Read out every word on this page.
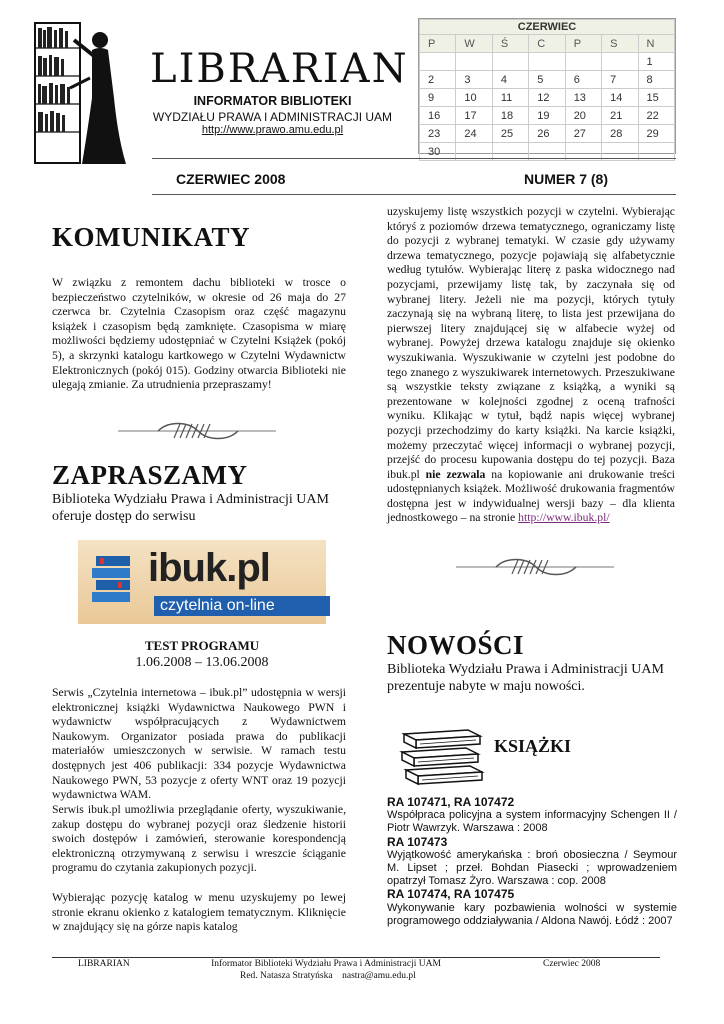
LIBRARIAN
INFORMATOR BIBLIOTEKI
WYDZIAŁU PRAWA I ADMINISTRACJI UAM
http://www.prawo.amu.edu.pl
CZERWIEC						
P	W	Ś	C	P	S	N
						1
2	3	4	5	6	7	8
9	10	11	12	13	14	15
16	17	18	19	20	21	22
23	24	25	26	27	28	29
30						
CZERWIEC 2008	NUMER 7 (8)
KOMUNIKATY
W związku z remontem dachu biblioteki w trosce o bezpieczeństwo czytelników, w okresie od 26 maja do 27 czerwca br. Czytelnia Czasopism oraz część magazynu książek i czasopism będą zamknięte. Czasopisma w miarę możliwości będziemy udostępniać w Czytelni Książek (pokój 5), a skrzynki katalogu kartkowego w Czytelni Wydawnictw Elektronicznych (pokój 015). Godziny otwarcia Biblioteki nie ulegają zmianie. Za utrudnienia przepraszamy!
ZAPRASZAMY
Biblioteka Wydziału Prawa i Administracji UAM oferuje dostęp do serwisu
ibuk.pl
czytelnia on-line
TEST PROGRAMU
1.06.2008 – 13.06.2008
Serwis „Czytelnia internetowa – ibuk.pl” udostępnia w wersji elektronicznej książki Wydawnictwa Naukowego PWN i wydawnictw współpracujących z Wydawnictwem Naukowym. Organizator posiada prawa do publikacji materiałów umieszczonych w serwisie. W ramach testu dostępnych jest 406 publikacji: 334 pozycje Wydawnictwa Naukowego PWN, 53 pozycje z oferty WNT oraz 19 pozycji wydawnictwa WAM.
Serwis ibuk.pl umożliwia przeglądanie oferty, wyszukiwanie, zakup dostępu do wybranej pozycji oraz śledzenie historii swoich dostępów i zamówień, sterowanie korespondencją elektroniczną otrzymywaną z serwisu i wreszcie ściąganie programu do czytania zakupionych pozycji.
Wybierając pozycję katalog w menu uzyskujemy po lewej stronie ekranu okienko z katalogiem tematycznym. Kliknięcie w znajdujący się na górze napis katalog
uzyskujemy listę wszystkich pozycji w czytelni. Wybierając któryś z poziomów drzewa tematycznego, ograniczamy listę do pozycji z wybranej tematyki. W czasie gdy używamy drzewa tematycznego, pozycje pojawiają się alfabetycznie według tytułów. Wybierając literę z paska widocznego nad pozycjami, przewijamy listę tak, by zaczynała się od wybranej litery. Jeżeli nie ma pozycji, których tytuły zaczynają się na wybraną literę, to lista jest przewijana do pierwszej litery znajdującej się w alfabecie wyżej od wybranej. Powyżej drzewa katalogu znajduje się okienko wyszukiwania. Wyszukiwanie w czytelni jest podobne do tego znanego z wyszukiwarek internetowych. Przeszukiwane są wszystkie teksty związane z książką, a wyniki są prezentowane w kolejności zgodnej z oceną trafności wyniku. Klikając w tytuł, bądź napis więcej wybranej pozycji przechodzimy do karty książki. Na karcie książki, możemy przeczytać więcej informacji o wybranej pozycji, przejść do procesu kupowania dostępu do tej pozycji. Baza ibuk.pl nie zezwala na kopiowanie ani drukowanie treści udostępnianych książek. Możliwość drukowania fragmentów dostępna jest w indywidualnej wersji bazy – dla klienta jednostkowego – na stronie http://www.ibuk.pl/
NOWOŚCI
Biblioteka Wydziału Prawa i Administracji UAM prezentuje nabyte w maju nowości.
KSIĄŻKI
RA 107471, RA 107472
Współpraca policyjna a system informacyjny Schengen II / Piotr Wawrzyk. Warszawa : 2008
RA 107473
Wyjątkowość amerykańska : broń obosieczna / Seymour M. Lipset ; przeł. Bohdan Piasecki ; wprowadzeniem opatrzył Tomasz Żyro. Warszawa : cop. 2008
RA 107474, RA 107475
Wykonywanie kary pozbawienia wolności w systemie programowego oddziaływania / Aldona Nawój. Łódź : 2007
LIBRARIAN	Informator Biblioteki Wydziału Prawa i Administracji UAM	Czerwiec 2008
Red. Natasza Stratyńska nastra@amu.edu.pl
